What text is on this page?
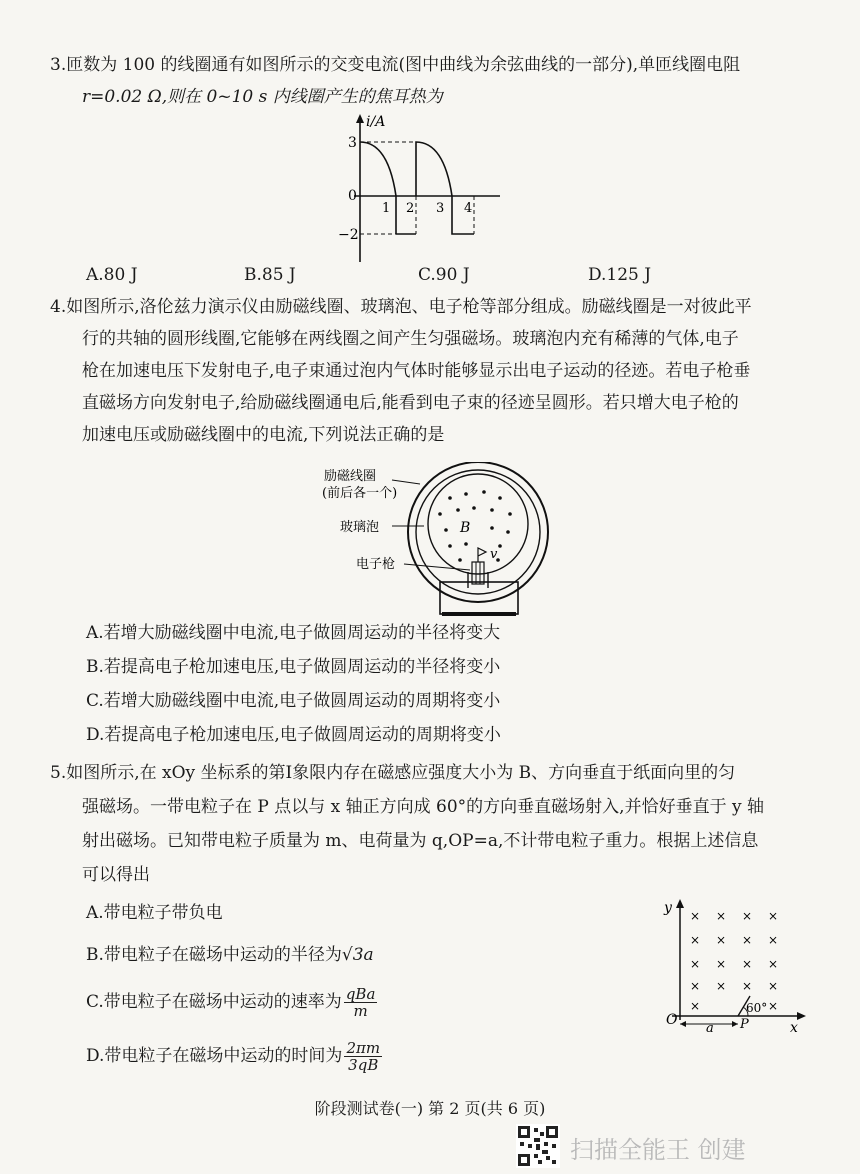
3.匝数为 100 的线圈通有如图所示的交变电流(图中曲线为余弦曲线的一部分),单匝线圈电阻
r=0.02 Ω,则在 0~10 s 内线圈产生的焦耳热为
i/A
3
0
−2
1 2 3 4
A.80 J	B.85 J	C.90 J	D.125 J
4.如图所示,洛伦兹力演示仪由励磁线圈、玻璃泡、电子枪等部分组成。励磁线圈是一对彼此平
行的共轴的圆形线圈,它能够在两线圈之间产生匀强磁场。玻璃泡内充有稀薄的气体,电子
枪在加速电压下发射电子,电子束通过泡内气体时能够显示出电子运动的径迹。若电子枪垂
直磁场方向发射电子,给励磁线圈通电后,能看到电子束的径迹呈圆形。若只增大电子枪的
加速电压或励磁线圈中的电流,下列说法正确的是
B
v
励磁线圈
(前后各一个)
玻璃泡
电子枪
A.若增大励磁线圈中电流,电子做圆周运动的半径将变大
B.若提高电子枪加速电压,电子做圆周运动的半径将变小
C.若增大励磁线圈中电流,电子做圆周运动的周期将变小
D.若提高电子枪加速电压,电子做圆周运动的周期将变小
5.如图所示,在 xOy 坐标系的第Ⅰ象限内存在磁感应强度大小为 B、方向垂直于纸面向里的匀
强磁场。一带电粒子在 P 点以与 x 轴正方向成 60°的方向垂直磁场射入,并恰好垂直于 y 轴
射出磁场。已知带电粒子质量为 m、电荷量为 q,OP=a,不计带电粒子重力。根据上述信息
可以得出
A.带电粒子带负电
B.带电粒子在磁场中运动的半径为√3a
C.带电粒子在磁场中运动的速率为 $\frac{\text{qBa}}{m}$
D.带电粒子在磁场中运动的时间为 $\frac{2\pi m}{3qB}$
y
x
O	P
a
60°
× × × ×
× × × ×
× × × ×
× × × ×
×	×
阶段测试卷(一) 第 2 页(共 6 页)
扫描全能王 创建
